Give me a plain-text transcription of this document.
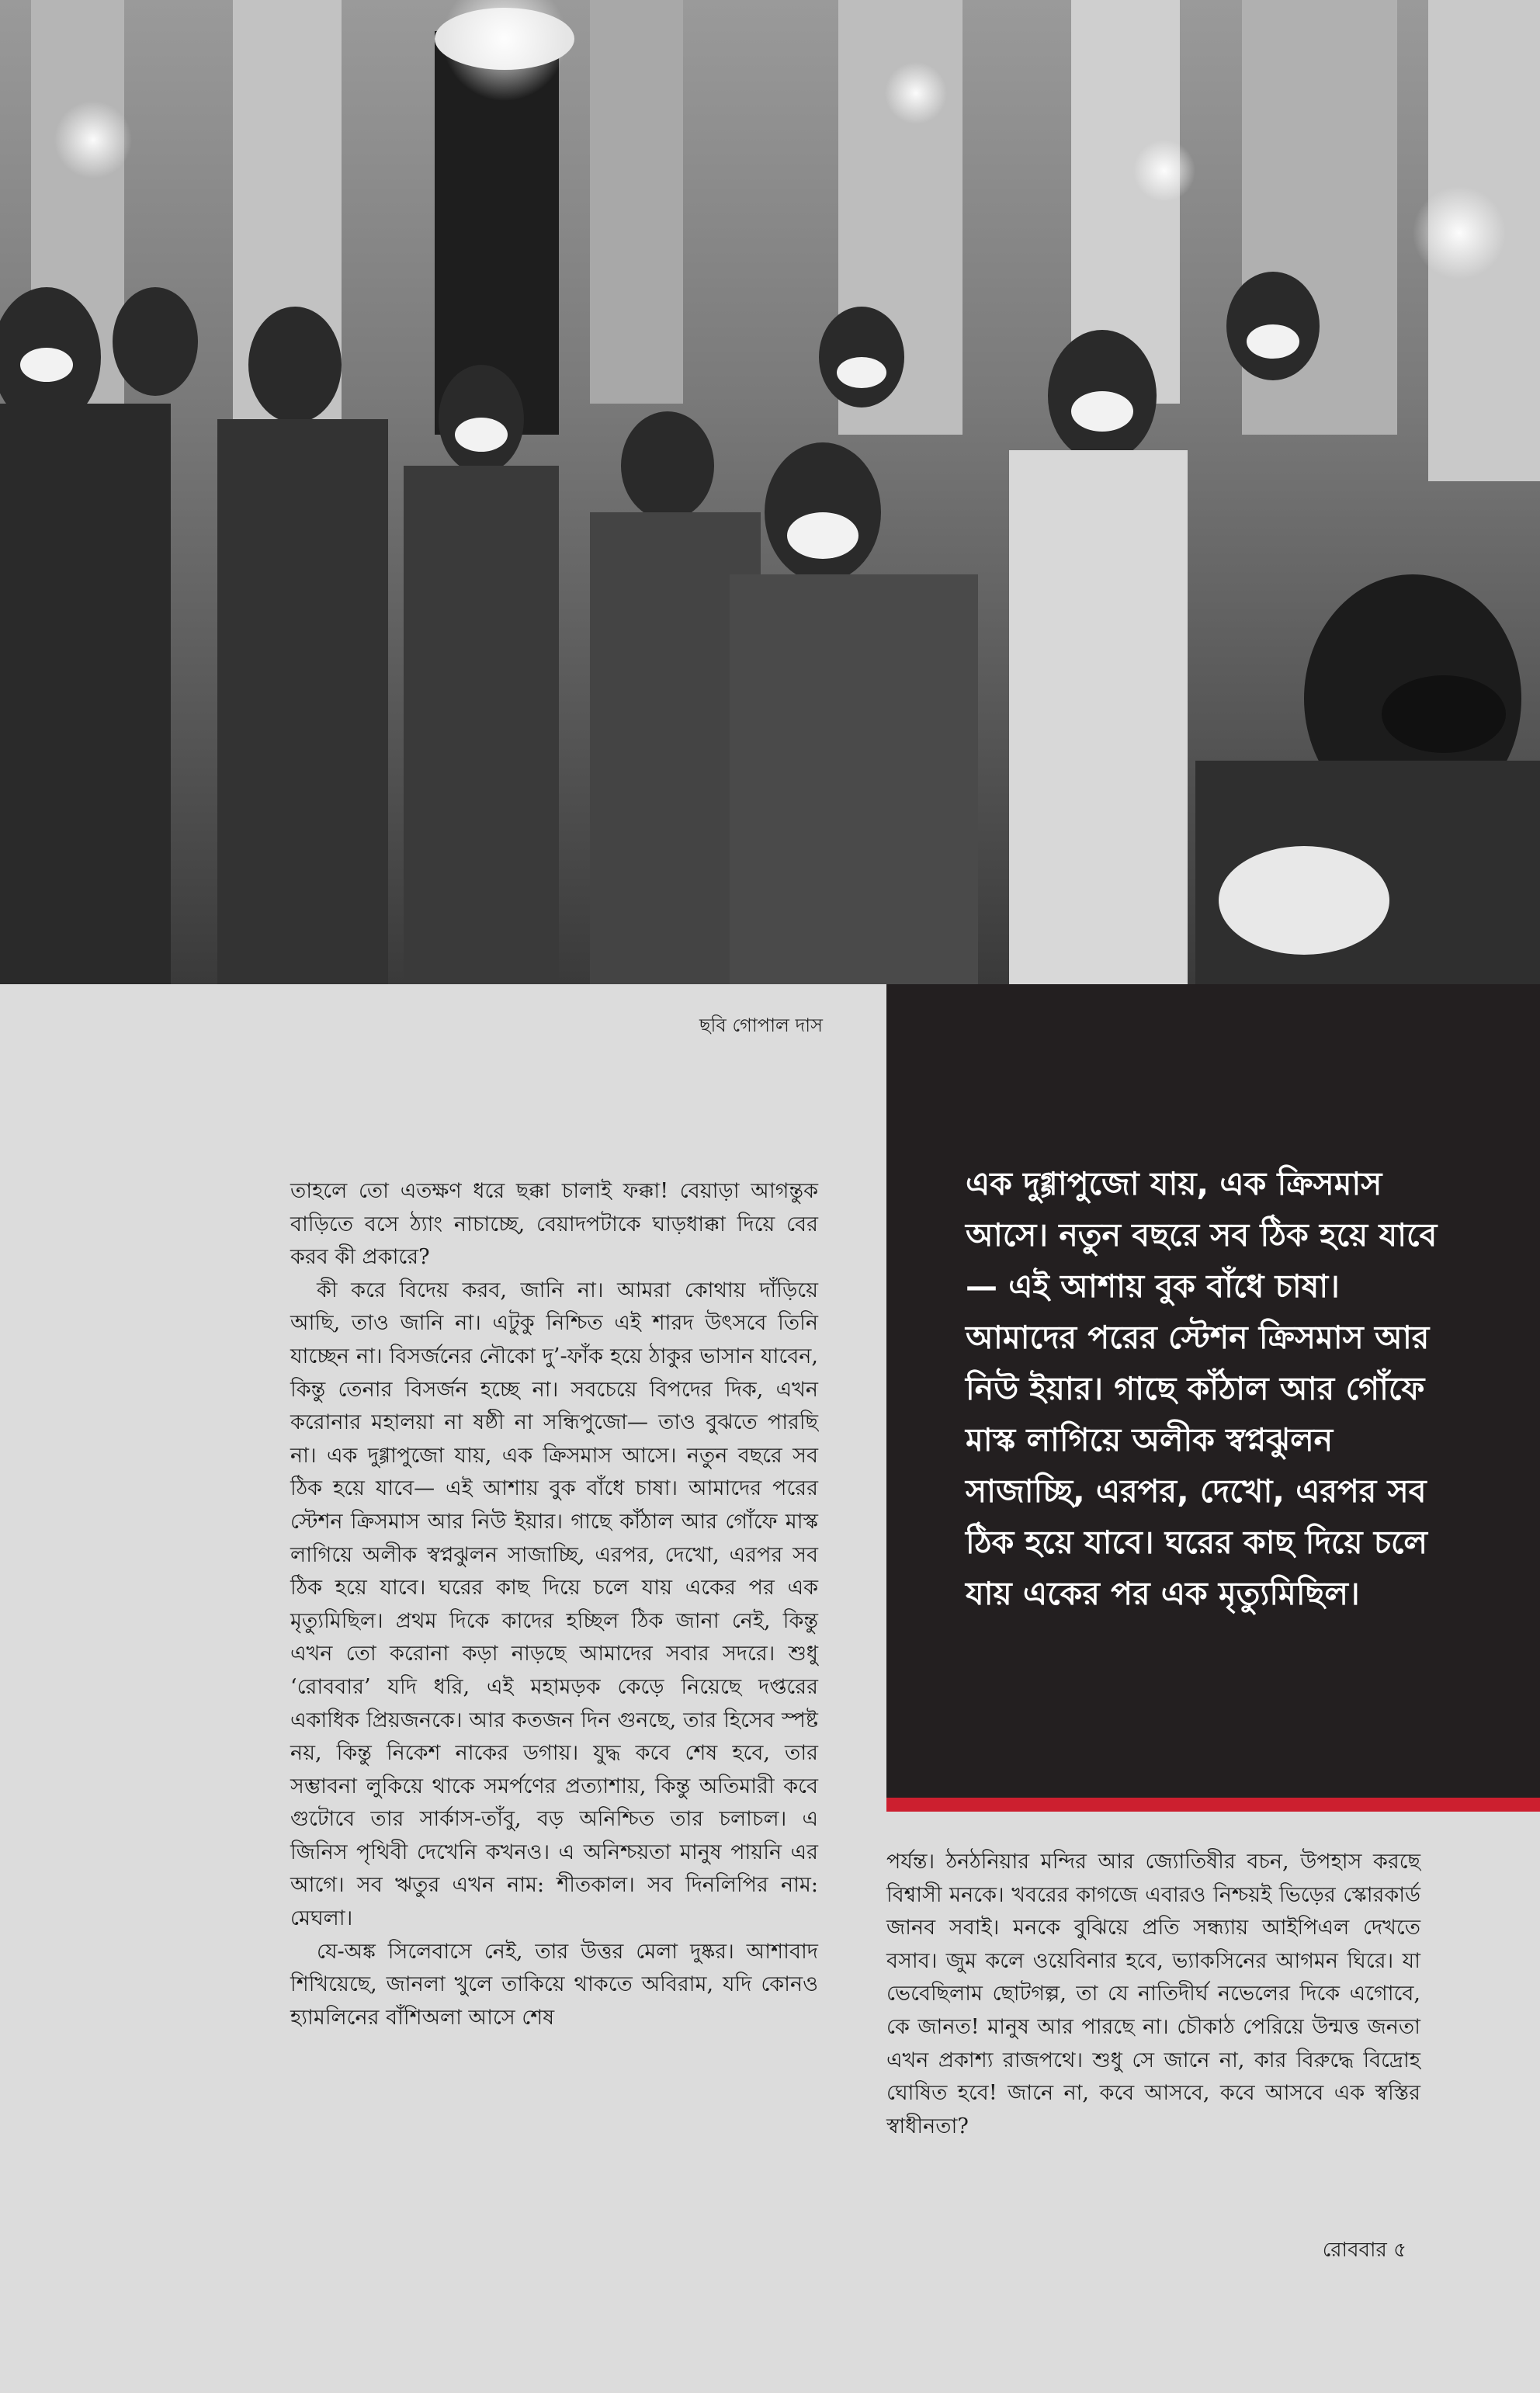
ছবি গোপাল দাস

এক দুগ্গাপুজো যায়, এক ক্রিসমাস আসে। নতুন বছরে সব ঠিক হয়ে যাবে— এই আশায় বুক বাঁধে চাষা। আমাদের পরের স্টেশন ক্রিসমাস আর নিউ ইয়ার। গাছে কাঁঠাল আর গোঁফে মাস্ক লাগিয়ে অলীক স্বপ্নঝুলন সাজাচ্ছি, এরপর, দেখো, এরপর সব ঠিক হয়ে যাবে। ঘরের কাছ দিয়ে চলে যায় একের পর এক মৃত্যুমিছিল।

তাহলে তো এতক্ষণ ধরে ছক্কা চালাই ফক্কা! বেয়াড়া আগন্তুক বাড়িতে বসে ঠ্যাং নাচাচ্ছে, বেয়াদপটাকে ঘাড়ধাক্কা দিয়ে বের করব কী প্রকারে?

কী করে বিদেয় করব, জানি না। আমরা কোথায় দাঁড়িয়ে আছি, তাও জানি না। এটুকু নিশ্চিত এই শারদ উৎসবে তিনি যাচ্ছেন না। বিসর্জনের নৌকো দু’-ফাঁক হয়ে ঠাকুর ভাসান যাবেন, কিন্তু তেনার বিসর্জন হচ্ছে না। সবচেয়ে বিপদের দিক, এখন করোনার মহালয়া না ষষ্ঠী না সন্ধিপুজো— তাও বুঝতে পারছি না। এক দুগ্গাপুজো যায়, এক ক্রিসমাস আসে। নতুন বছরে সব ঠিক হয়ে যাবে— এই আশায় বুক বাঁধে চাষা। আমাদের পরের স্টেশন ক্রিসমাস আর নিউ ইয়ার। গাছে কাঁঠাল আর গোঁফে মাস্ক লাগিয়ে অলীক স্বপ্নঝুলন সাজাচ্ছি, এরপর, দেখো, এরপর সব ঠিক হয়ে যাবে। ঘরের কাছ দিয়ে চলে যায় একের পর এক মৃত্যুমিছিল। প্রথম দিকে কাদের হচ্ছিল ঠিক জানা নেই, কিন্তু এখন তো করোনা কড়া নাড়ছে আমাদের সবার সদরে। শুধু ‘রোববার’ যদি ধরি, এই মহামড়ক কেড়ে নিয়েছে দপ্তরের একাধিক প্রিয়জনকে। আর কতজন দিন গুনছে, তার হিসেব স্পষ্ট নয়, কিন্তু নিকেশ নাকের ডগায়। যুদ্ধ কবে শেষ হবে, তার সম্ভাবনা লুকিয়ে থাকে সমর্পণের প্রত্যাশায়, কিন্তু অতিমারী কবে গুটোবে তার সার্কাস-তাঁবু, বড় অনিশ্চিত তার চলাচল। এ জিনিস পৃথিবী দেখেনি কখনও। এ অনিশ্চয়তা মানুষ পায়নি এর আগে। সব ঋতুর এখন নাম: শীতকাল। সব দিনলিপির নাম: মেঘলা।

যে-অঙ্ক সিলেবাসে নেই, তার উত্তর মেলা দুষ্কর। আশাবাদ শিখিয়েছে, জানলা খুলে তাকিয়ে থাকতে অবিরাম, যদি কোনও হ্যামলিনের বাঁশিঅলা আসে শেষ

পর্যন্ত। ঠনঠনিয়ার মন্দির আর জ্যোতিষীর বচন, উপহাস করছে বিশ্বাসী মনকে। খবরের কাগজে এবারও নিশ্চয়ই ভিড়ের স্কোরকার্ড জানব সবাই। মনকে বুঝিয়ে প্রতি সন্ধ্যায় আইপিএল দেখতে বসাব। জুম কলে ওয়েবিনার হবে, ভ্যাকসিনের আগমন ঘিরে। যা ভেবেছিলাম ছোটগল্প, তা যে নাতিদীর্ঘ নভেলের দিকে এগোবে, কে জানত! মানুষ আর পারছে না। চৌকাঠ পেরিয়ে উন্মত্ত জনতা এখন প্রকাশ্য রাজপথে। শুধু সে জানে না, কার বিরুদ্ধে বিদ্রোহ ঘোষিত হবে! জানে না, কবে আসবে, কবে আসবে এক স্বস্তির স্বাধীনতা?

রোববার ৫
